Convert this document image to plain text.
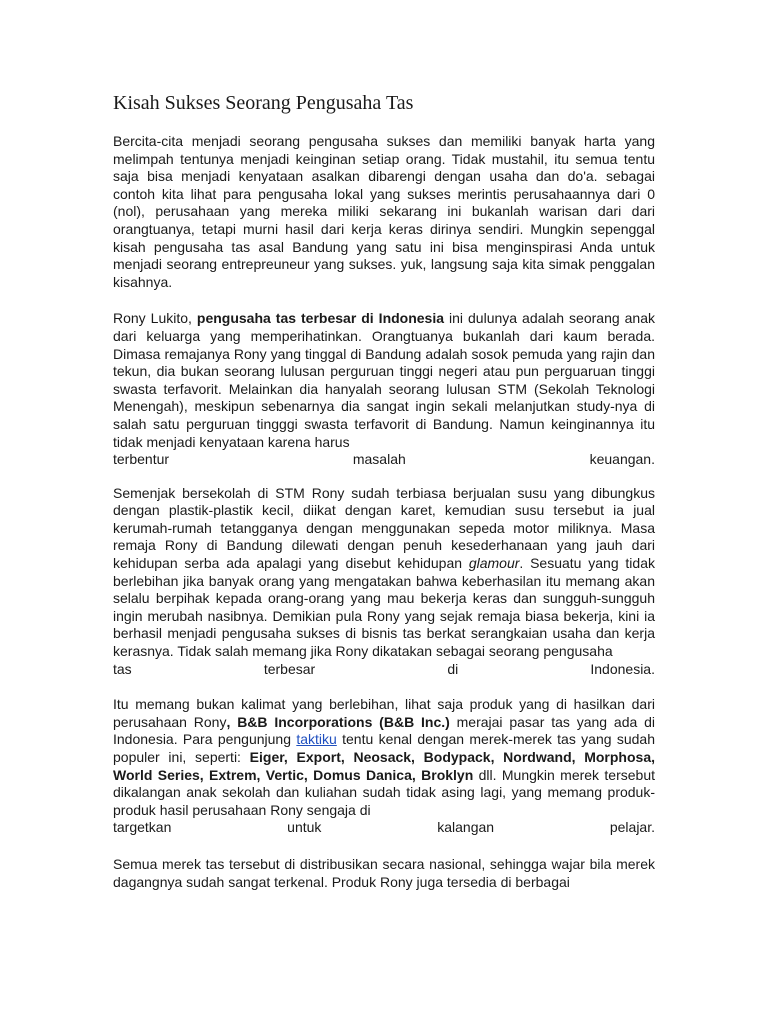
Kisah Sukses Seorang Pengusaha Tas

Bercita-cita menjadi seorang pengusaha sukses dan memiliki banyak harta yang melimpah tentunya menjadi keinginan setiap orang. Tidak mustahil, itu semua tentu saja bisa menjadi kenyataan asalkan dibarengi dengan usaha dan do'a. sebagai contoh kita lihat para pengusaha lokal yang sukses merintis perusahaannya dari 0 (nol), perusahaan yang mereka miliki sekarang ini bukanlah warisan dari dari orangtuanya, tetapi murni hasil dari kerja keras dirinya sendiri. Mungkin sepenggal kisah pengusaha tas asal Bandung yang satu ini bisa menginspirasi Anda untuk menjadi seorang entrepreuneur yang sukses. yuk, langsung saja kita simak penggalan kisahnya.

Rony Lukito, pengusaha tas terbesar di Indonesia ini dulunya adalah seorang anak dari keluarga yang memperihatinkan. Orangtuanya bukanlah dari kaum berada. Dimasa remajanya Rony yang tinggal di Bandung adalah sosok pemuda yang rajin dan tekun, dia bukan seorang lulusan perguruan tinggi negeri atau pun perguaruan tinggi swasta terfavorit. Melainkan dia hanyalah seorang lulusan STM (Sekolah Teknologi Menengah), meskipun sebenarnya dia sangat ingin sekali melanjutkan study-nya di salah satu perguruan tingggi swasta terfavorit di Bandung. Namun keinginannya itu tidak menjadi kenyataan karena harus
terbentur	masalah	keuangan.
Semenjak bersekolah di STM Rony sudah terbiasa berjualan susu yang dibungkus dengan plastik-plastik kecil, diikat dengan karet, kemudian susu tersebut ia jual kerumah-rumah tetangganya dengan menggunakan sepeda motor miliknya. Masa remaja Rony di Bandung dilewati dengan penuh kesederhanaan yang jauh dari kehidupan serba ada apalagi yang disebut kehidupan glamour. Sesuatu yang tidak berlebihan jika banyak orang yang mengatakan bahwa keberhasilan itu memang akan selalu berpihak kepada orang-orang yang mau bekerja keras dan sungguh-sungguh ingin merubah nasibnya. Demikian pula Rony yang sejak remaja biasa bekerja, kini ia berhasil menjadi pengusaha sukses di bisnis tas berkat serangkaian usaha dan kerja kerasnya. Tidak salah memang jika Rony dikatakan sebagai seorang pengusaha
tas	terbesar	di	Indonesia.
Itu memang bukan kalimat yang berlebihan, lihat saja produk yang di hasilkan dari perusahaan Rony, B&B Incorporations (B&B Inc.) merajai pasar tas yang ada di Indonesia. Para pengunjung taktiku tentu kenal dengan merek-merek tas yang sudah populer ini, seperti: Eiger, Export, Neosack, Bodypack, Nordwand, Morphosa, World Series, Extrem, Vertic, Domus Danica, Broklyn dll. Mungkin merek tersebut dikalangan anak sekolah dan kuliahan sudah tidak asing lagi, yang memang produk-produk hasil perusahaan Rony sengaja di
targetkan	untuk	kalangan	pelajar.

Semua merek tas tersebut di distribusikan secara nasional, sehingga wajar bila merek dagangnya sudah sangat terkenal. Produk Rony juga tersedia di berbagai
